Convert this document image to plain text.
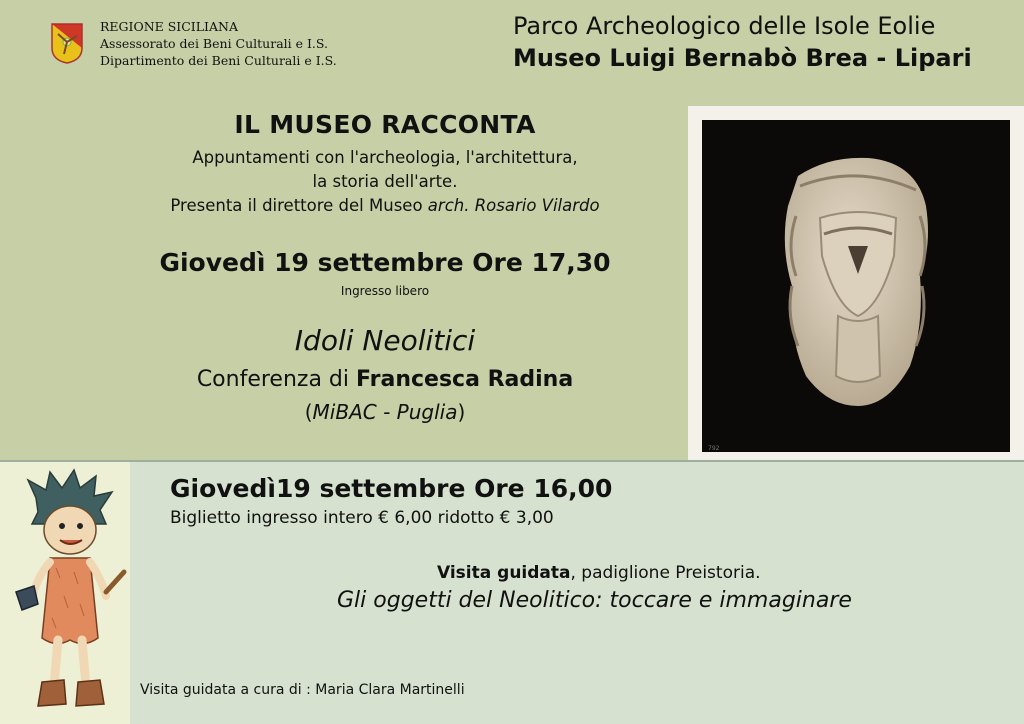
REGIONE SICILIANA
Assessorato dei Beni Culturali e I.S.
Dipartimento dei Beni Culturali e I.S.
Parco Archeologico delle Isole Eolie
Museo Luigi Bernabò Brea - Lipari
IL MUSEO RACCONTA
Appuntamenti con l'archeologia, l'architettura,
la storia dell'arte.
Presenta il direttore del Museo arch. Rosario Vilardo
Giovedì 19 settembre Ore 17,30
Ingresso libero
Idoli Neolitici
Conferenza di Francesca Radina
(MiBAC - Puglia)
792
Giovedì19 settembre Ore 16,00
Biglietto ingresso intero € 6,00 ridotto € 3,00
Visita guidata, padiglione Preistoria.
Gli oggetti del Neolitico: toccare e immaginare
Visita guidata a cura di : Maria Clara Martinelli
